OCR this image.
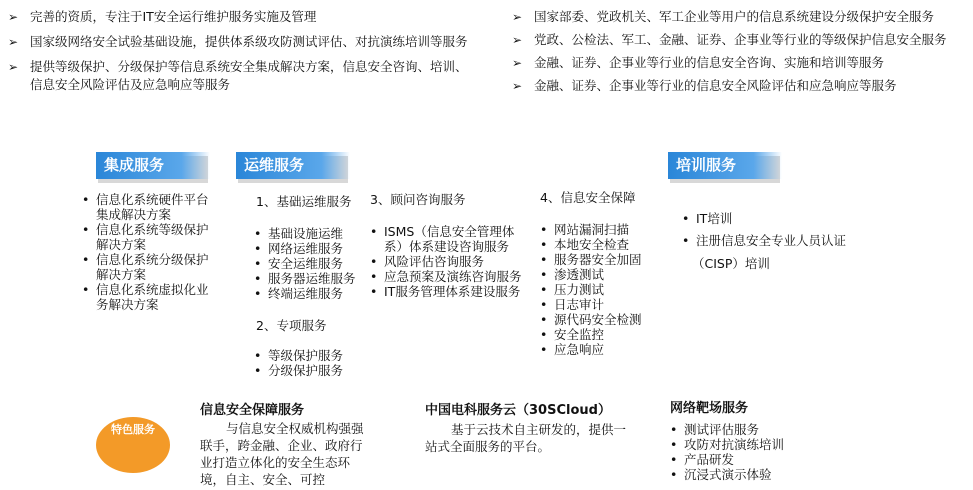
➢ 完善的资质，专注于IT安全运行维护服务实施及管理
➢ 国家级网络安全试验基础设施，提供体系级攻防测试评估、对抗演练培训等服务
➢ 提供等级保护、分级保护等信息系统安全集成解决方案，信息安全咨询、培训、信息安全风险评估及应急响应等服务
➢ 国家部委、党政机关、军工企业等用户的信息系统建设分级保护安全服务
➢ 党政、公检法、军工、金融、证券、企事业等行业的等级保护信息安全服务
➢ 金融、证券、企事业等行业的信息安全咨询、实施和培训等服务
➢ 金融、证券、企事业等行业的信息安全风险评估和应急响应等服务
集成服务
• 信息化系统硬件平台集成解决方案
• 信息化系统等级保护解决方案
• 信息化系统分级保护解决方案
• 信息化系统虚拟化业务解决方案
运维服务
1、基础运维服务
• 基础设施运维
• 网络运维服务
• 安全运维服务
• 服务器运维服务
• 终端运维服务
2、专项服务
• 等级保护服务
• 分级保护服务
3、顾问咨询服务
• ISMS（信息安全管理体系）体系建设咨询服务
• 风险评估咨询服务
• 应急预案及演练咨询服务
• IT服务管理体系建设服务
4、信息安全保障
• 网站漏洞扫描
• 本地安全检查
• 服务器安全加固
• 渗透测试
• 压力测试
• 日志审计
• 源代码安全检测
• 安全监控
• 应急响应
培训服务
• IT培训
• 注册信息安全专业人员认证
（CISP）培训
特色服务
信息安全保障服务
与信息安全权威机构强强联手，跨金融、企业、政府行业打造立体化的安全生态环境，自主、安全、可控
中国电科服务云（30SCloud）
基于云技术自主研发的，提供一站式全面服务的平台。
网络靶场服务
• 测试评估服务
• 攻防对抗演练培训
• 产品研发
• 沉浸式演示体验
